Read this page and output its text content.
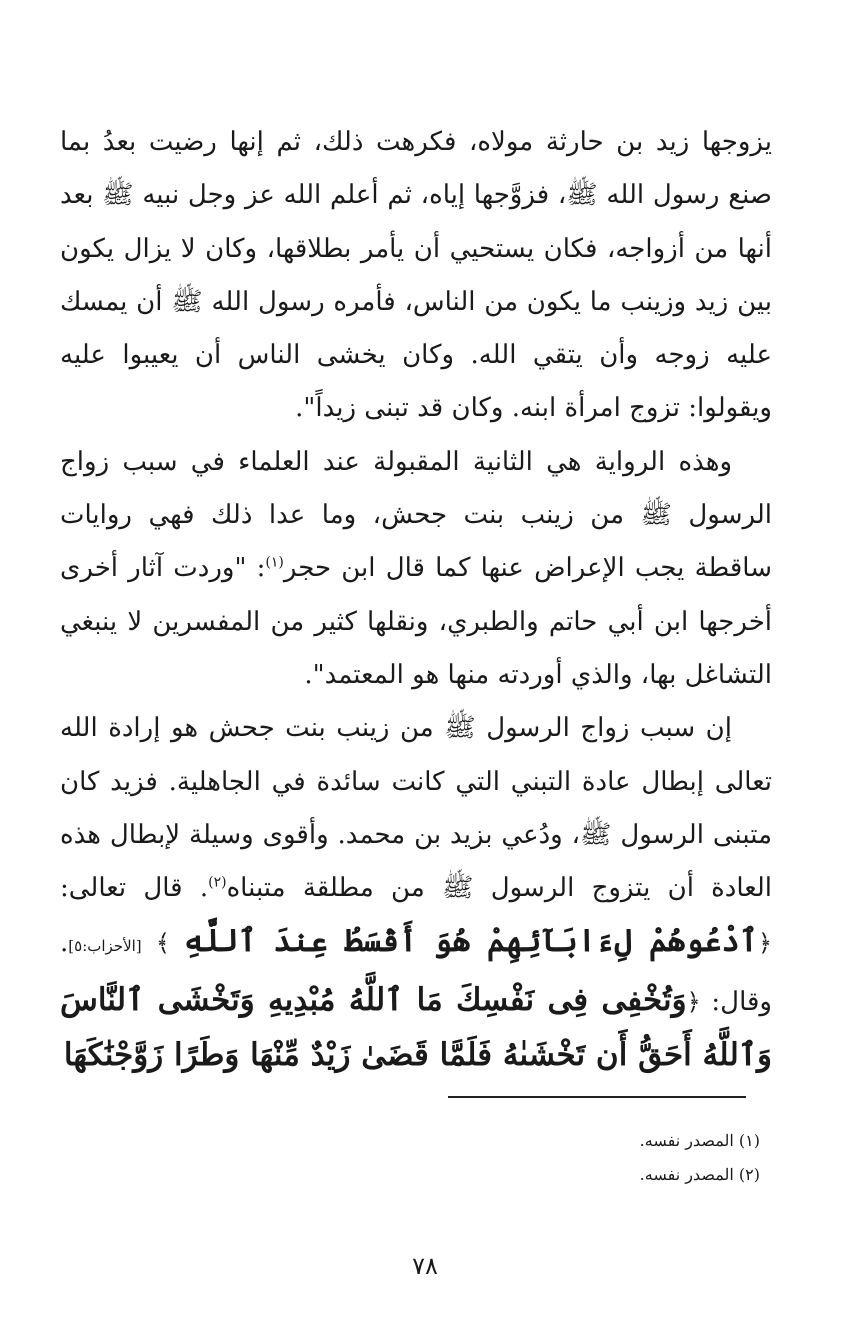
يزوجها زيد بن حارثة مولاه، فكرهت ذلك، ثم إنها رضيت بعدُ بما صنع رسول الله ﷺ، فزوَّجها إياه، ثم أعلم الله عز وجل نبيه ﷺ بعد أنها من أزواجه، فكان يستحيي أن يأمر بطلاقها، وكان لا يزال يكون بين زيد وزينب ما يكون من الناس، فأمره رسول الله ﷺ أن يمسك عليه زوجه وأن يتقي الله. وكان يخشى الناس أن يعيبوا عليه ويقولوا: تزوج امرأة ابنه. وكان قد تبنى زيداً".

وهذه الرواية هي الثانية المقبولة عند العلماء في سبب زواج الرسول ﷺ من زينب بنت جحش، وما عدا ذلك فهي روايات ساقطة يجب الإعراض عنها كما قال ابن حجر$^{(١)}$: "وردت آثار أخرى أخرجها ابن أبي حاتم والطبري، ونقلها كثير من المفسرين لا ينبغي التشاغل بها، والذي أوردته منها هو المعتمد".

إن سبب زواج الرسول ﷺ من زينب بنت جحش هو إرادة الله تعالى إبطال عادة التبني التي كانت سائدة في الجاهلية. فزيد كان متبنى الرسول ﷺ، ودُعي بزيد بن محمد. وأقوى وسيلة لإبطال هذه العادة أن يتزوج الرسول ﷺ من مطلقة متبناه$^{(٢)}$. قال تعالى:﴿ٱدْعُوهُمْ لِءَابَآئِهِمْ هُوَ أَقْسَطُ عِندَ ٱللَّهِ ﴾ [الأحزاب:٥]. وقال: ﴿وَتُخْفِى فِى نَفْسِكَ مَا ٱللَّهُ مُبْدِيهِ وَتَخْشَى ٱلنَّاسَ وَٱللَّهُ أَحَقُّ أَن تَخْشَىٰهُ فَلَمَّا قَضَىٰ زَيْدٌ مِّنْهَا وَطَرًا زَوَّجْنَٰكَهَا

(١) المصدر نفسه.

(٢) المصدر نفسه.

٧٨
